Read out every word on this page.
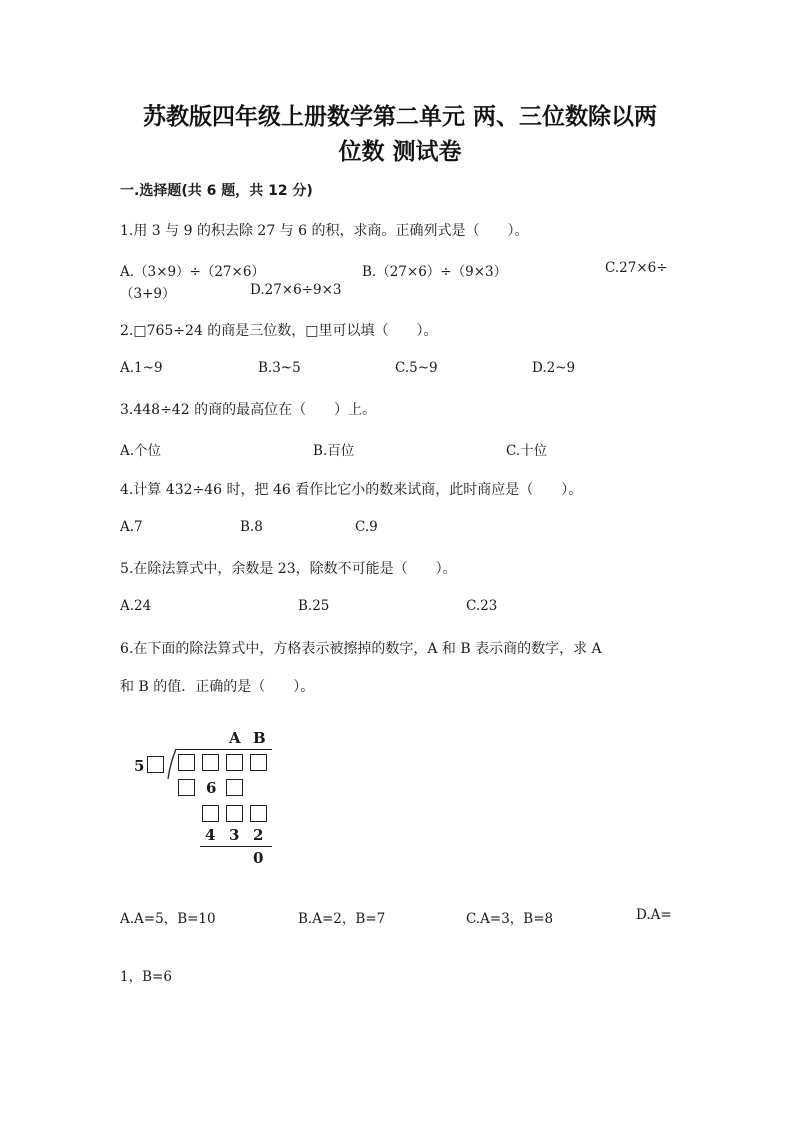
苏教版四年级上册数学第二单元 两、三位数除以两
位数 测试卷
一.选择题(共 6 题，共 12 分)
1.用 3 与 9 的积去除 27 与 6 的积，求商。正确列式是（　　）。
A.（3×9）÷（27×6）	B.（27×6）÷（9×3）	C.27×6÷
（3+9）	D.27×6÷9×3
2.□765÷24 的商是三位数，□里可以填（　　）。
A.1~9	B.3~5	C.5~9	D.2~9
3.448÷42 的商的最高位在（　　）上。
A.个位	B.百位	C.十位
4.计算 432÷46 时，把 46 看作比它小的数来试商，此时商应是（　　）。
A.7	B.8	C.9
5.在除法算式中，余数是 23，除数不可能是（　　）。
A.24	B.25	C.23
6.在下面的除法算式中，方格表示被擦掉的数字，A 和 B 表示商的数字，求 A
和 B 的值．正确的是（　　）。
A B
5
6
4 3 2
0
A.A=5，B=10	B.A=2，B=7	C.A=3，B=8	D.A=
1，B=6
